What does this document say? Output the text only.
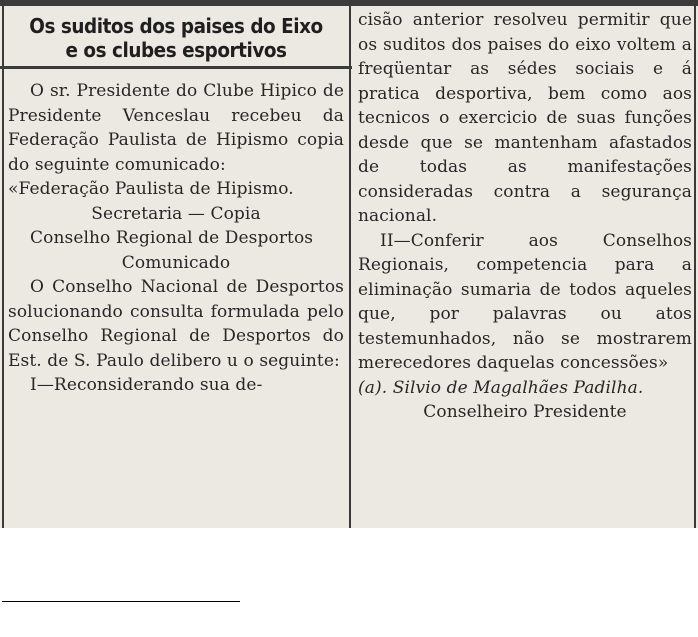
Os suditos dos paises do Eixo
e os clubes esportivos

O sr. Presidente do Clube Hipico de Presidente Venceslau recebeu da Federação Paulista de Hipismo copia do seguinte comunicado:

«Federação Paulista de Hipismo.

Secretaria — Copia

Conselho Regional de Desportos

Comunicado

O Conselho Nacional de Desportos solucionando consulta formulada pelo Conselho Regional de Desportos do Est. de S. Paulo delibero u o seguinte:

I—Reconsiderando sua de-

cisão anterior resolveu permitir que os suditos dos paises do eixo voltem a freqüentar as sédes sociais e á pratica desportiva, bem como aos tecnicos o exercicio de suas funções desde que se mantenham afastados de todas as manifestações consideradas contra a segurança nacional.

II—Conferir aos Conselhos Regionais, competencia para a eliminação sumaria de todos aqueles que, por palavras ou atos testemunhados, não se mostrarem merecedores daquelas concessões»

(a). Silvio de Magalhães Padilha.

Conselheiro Presidente
